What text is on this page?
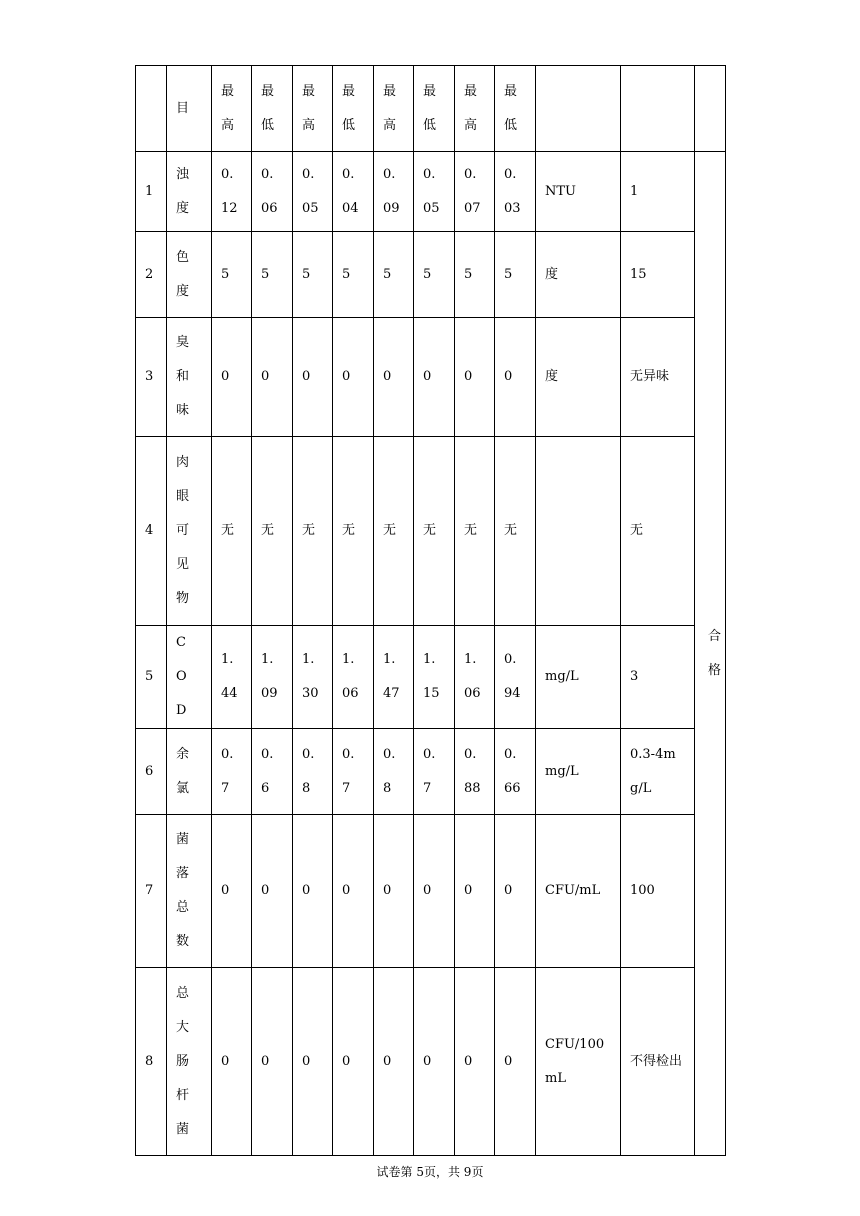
	目	最高	最低	最高	最低	最高	最低	最高	最低			

1	浊度	0.12	0.06	0.05	0.04	0.09	0.05	0.07	0.03	NTU	1	合格

2	色度	5	5	5	5	5	5	5	5	度	15	

3	臭和味	0	0	0	0	0	0	0	0	度	无异味	

4	肉眼可见物	无	无	无	无	无	无	无	无		无	

5	COD	1.44	1.09	1.30	1.06	1.47	1.15	1.06	0.94	mg/L	3	

6	余氯	0.7	0.6	0.8	0.7	0.8	0.7	0.88	0.66	mg/L	0.3-4mg/L	

7	菌落总数	0	0	0	0	0	0	0	0	CFU/mL	100	

8	总大肠杆菌	0	0	0	0	0	0	0	0	CFU/100mL	不得检出	
试卷第 5页，共 9页
